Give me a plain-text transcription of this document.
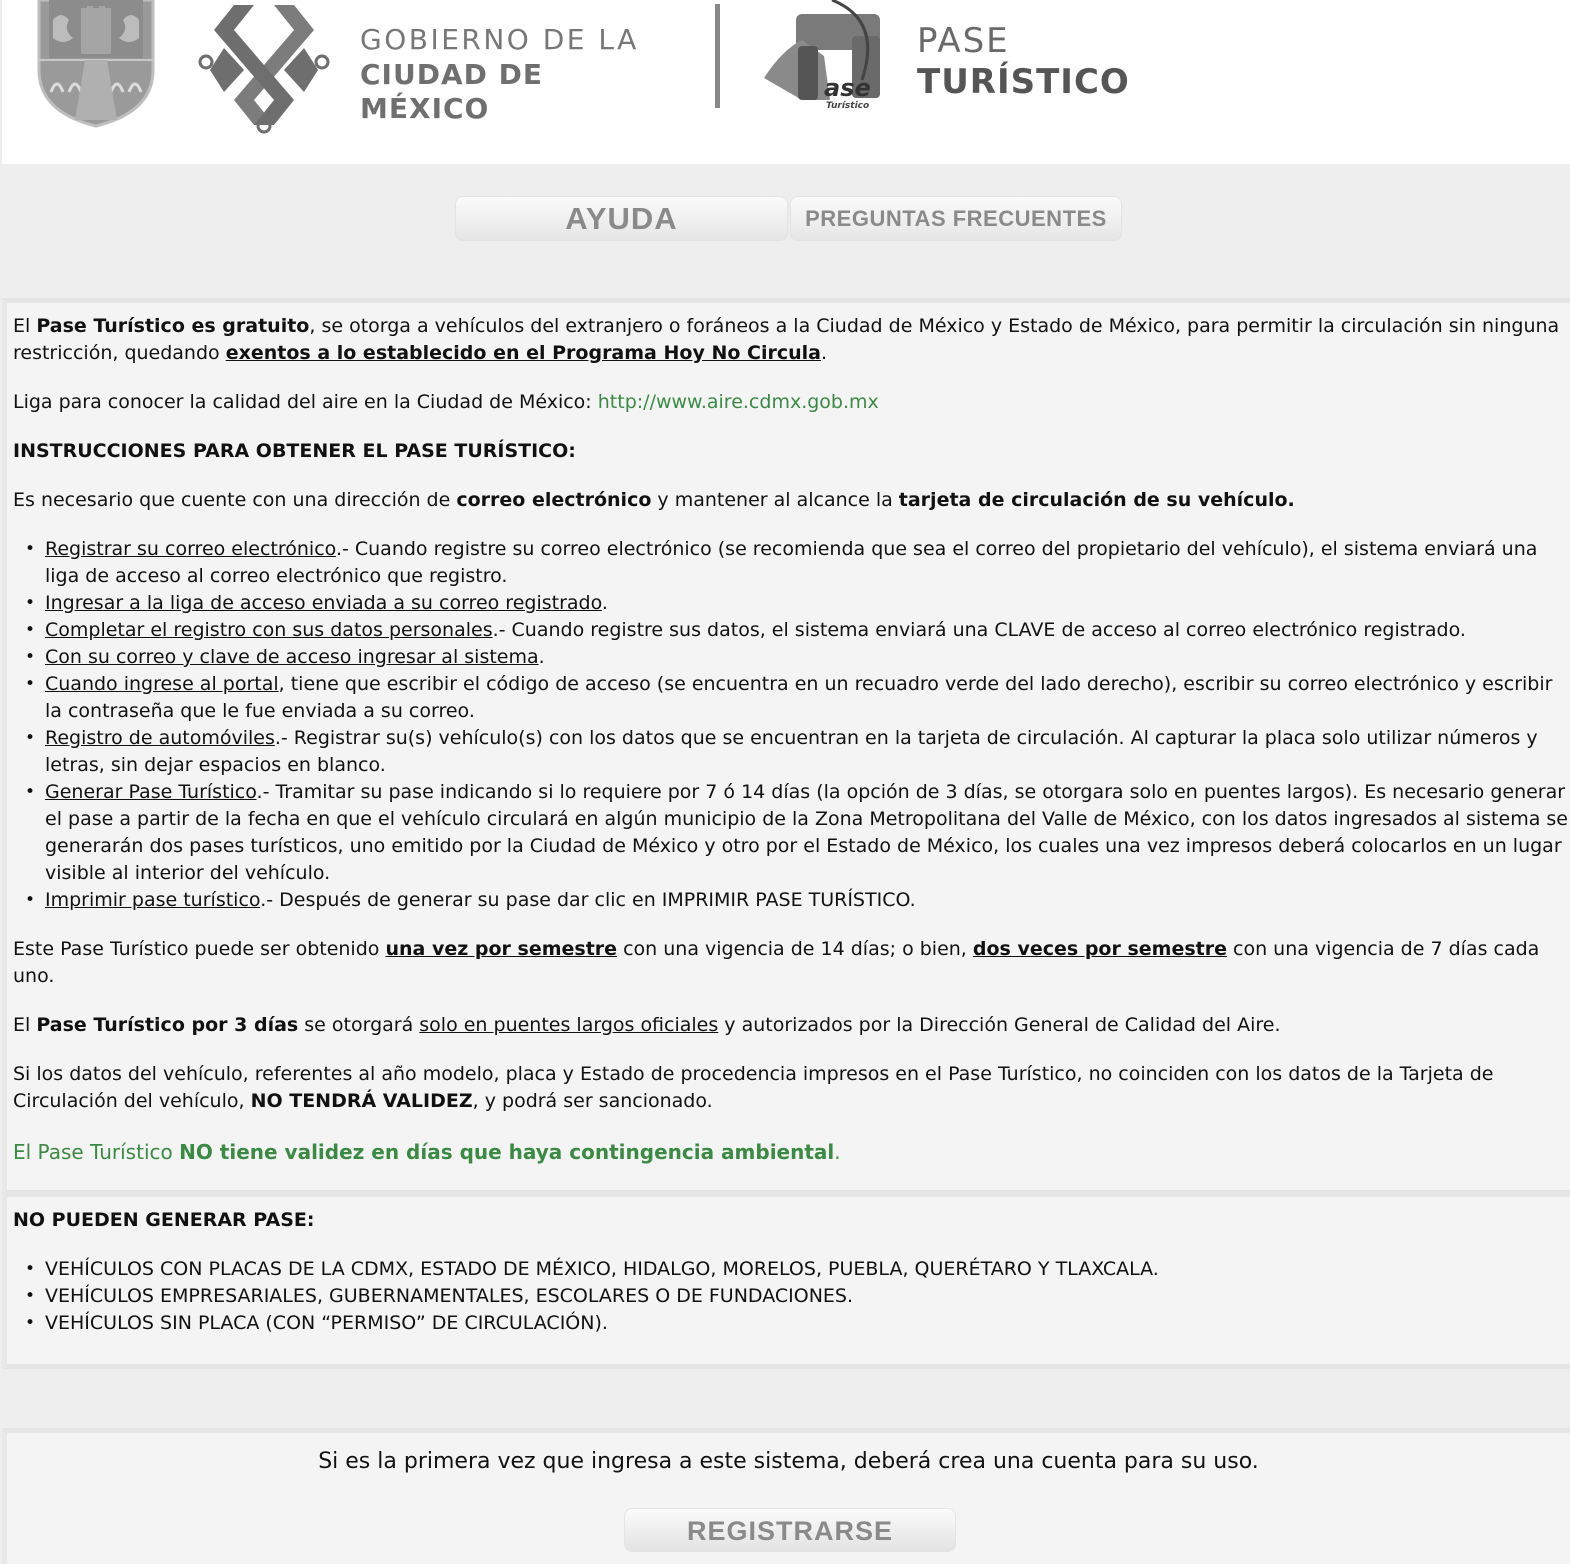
GOBIERNO DE LA
CIUDAD DE MÉXICO
ase
Turístico
PASE
TURÍSTICO
AYUDA	PREGUNTAS FRECUENTES

El Pase Turístico es gratuito, se otorga a vehículos del extranjero o foráneos a la Ciudad de México y Estado de México, para permitir la circulación sin ninguna restricción, quedando exentos a lo establecido en el Programa Hoy No Circula.

Liga para conocer la calidad del aire en la Ciudad de México: http://www.aire.cdmx.gob.mx

INSTRUCCIONES PARA OBTENER EL PASE TURÍSTICO:

Es necesario que cuente con una dirección de correo electrónico y mantener al alcance la tarjeta de circulación de su vehículo.

• Registrar su correo electrónico.- Cuando registre su correo electrónico (se recomienda que sea el correo del propietario del vehículo), el sistema enviará una liga de acceso al correo electrónico que registro.
• Ingresar a la liga de acceso enviada a su correo registrado.
• Completar el registro con sus datos personales.- Cuando registre sus datos, el sistema enviará una CLAVE de acceso al correo electrónico registrado.
• Con su correo y clave de acceso ingresar al sistema.
• Cuando ingrese al portal, tiene que escribir el código de acceso (se encuentra en un recuadro verde del lado derecho), escribir su correo electrónico y escribir la contraseña que le fue enviada a su correo.
• Registro de automóviles.- Registrar su(s) vehículo(s) con los datos que se encuentran en la tarjeta de circulación. Al capturar la placa solo utilizar números y letras, sin dejar espacios en blanco.
• Generar Pase Turístico.- Tramitar su pase indicando si lo requiere por 7 ó 14 días (la opción de 3 días, se otorgara solo en puentes largos). Es necesario generar el pase a partir de la fecha en que el vehículo circulará en algún municipio de la Zona Metropolitana del Valle de México, con los datos ingresados al sistema se generarán dos pases turísticos, uno emitido por la Ciudad de México y otro por el Estado de México, los cuales una vez impresos deberá colocarlos en un lugar visible al interior del vehículo.
• Imprimir pase turístico.- Después de generar su pase dar clic en IMPRIMIR PASE TURÍSTICO.

Este Pase Turístico puede ser obtenido una vez por semestre con una vigencia de 14 días; o bien, dos veces por semestre con una vigencia de 7 días cada uno.

El Pase Turístico por 3 días se otorgará solo en puentes largos oficiales y autorizados por la Dirección General de Calidad del Aire.

Si los datos del vehículo, referentes al año modelo, placa y Estado de procedencia impresos en el Pase Turístico, no coinciden con los datos de la Tarjeta de Circulación del vehículo, NO TENDRÁ VALIDEZ, y podrá ser sancionado.

El Pase Turístico NO tiene validez en días que haya contingencia ambiental.

NO PUEDEN GENERAR PASE:

• VEHÍCULOS CON PLACAS DE LA CDMX, ESTADO DE MÉXICO, HIDALGO, MORELOS, PUEBLA, QUERÉTARO Y TLAXCALA.
• VEHÍCULOS EMPRESARIALES, GUBERNAMENTALES, ESCOLARES O DE FUNDACIONES.
• VEHÍCULOS SIN PLACA (CON “PERMISO” DE CIRCULACIÓN).
Si es la primera vez que ingresa a este sistema, deberá crea una cuenta para su uso.
REGISTRARSE
